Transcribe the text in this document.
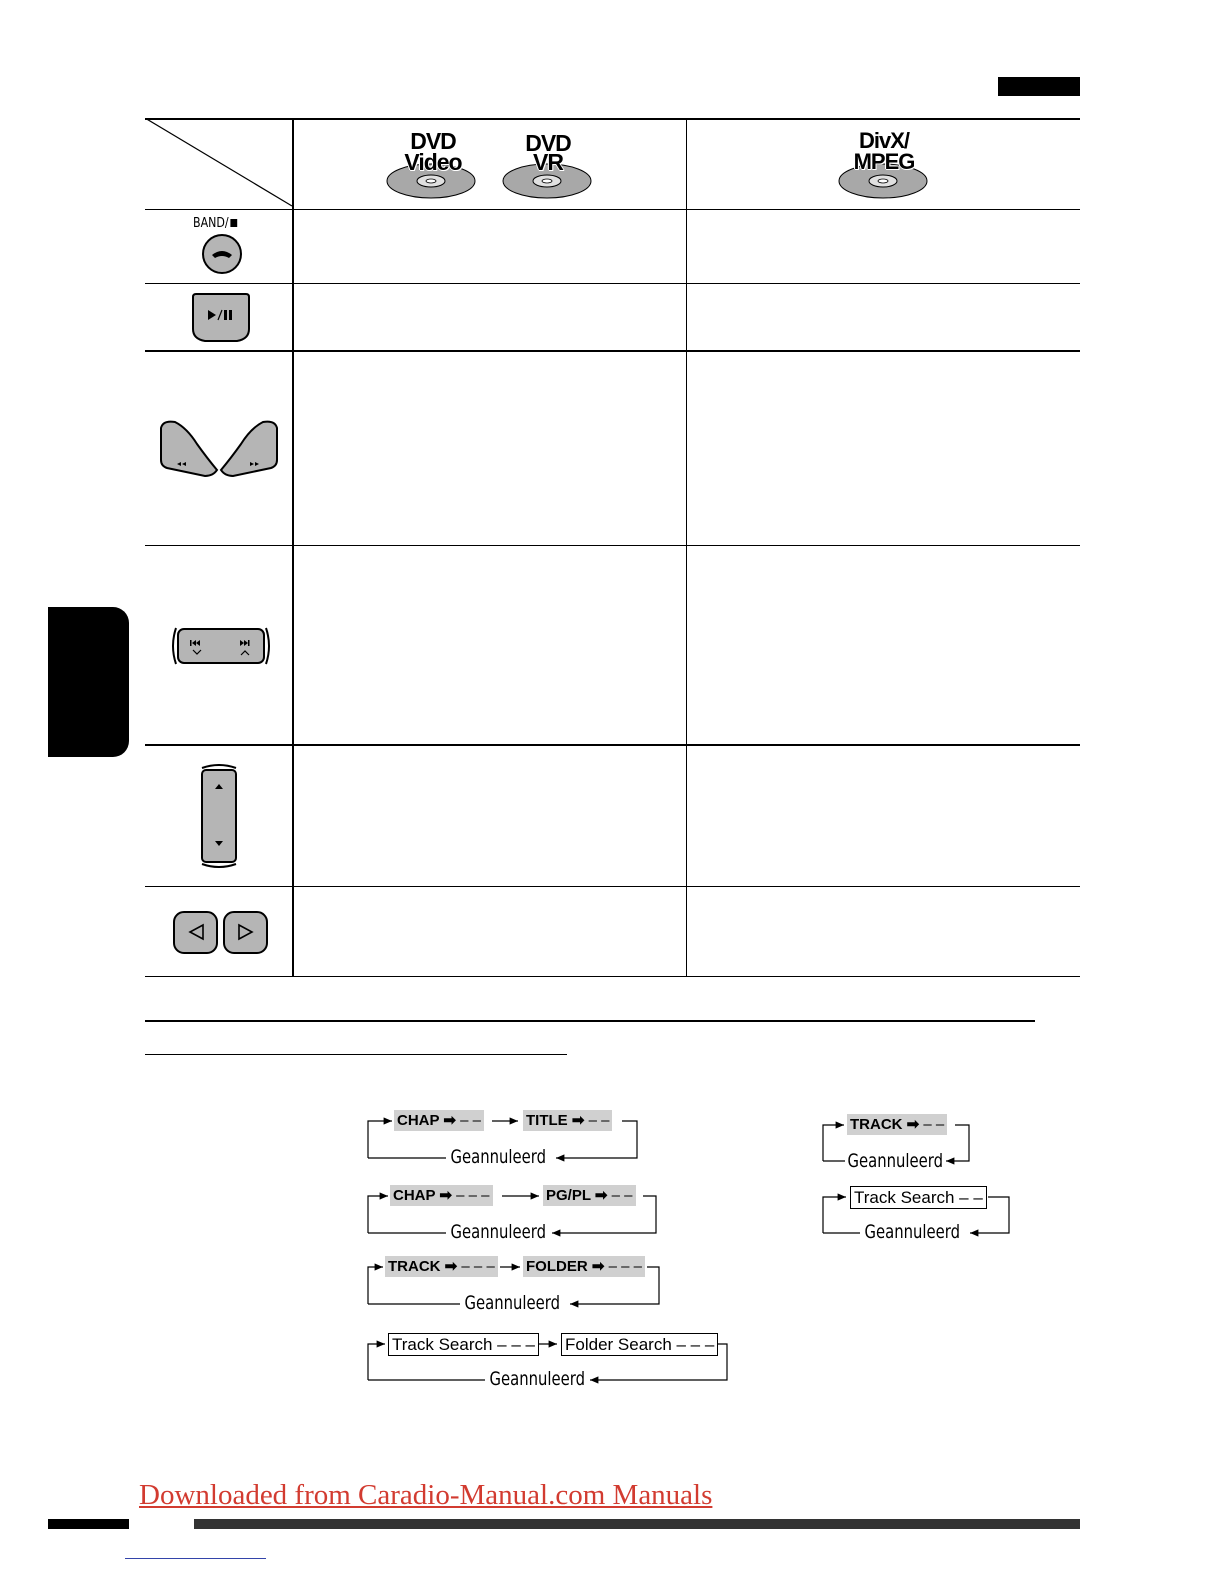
DVD
Video
DVD
VR
DivX/
MPEG
BAND/
CHAP ➡ – –	TITLE ➡ – –
Geannuleerd
CHAP ➡ – – –	PG/PL ➡ – –
Geannuleerd
TRACK ➡ – – – FOLDER ➡ – – –
Geannuleerd
Track Search – – – Folder Search – – –
Geannuleerd
TRACK ➡ – –
Geannuleerd
Track Search – –
Geannuleerd
Downloaded from Caradio-Manual.com Manuals
